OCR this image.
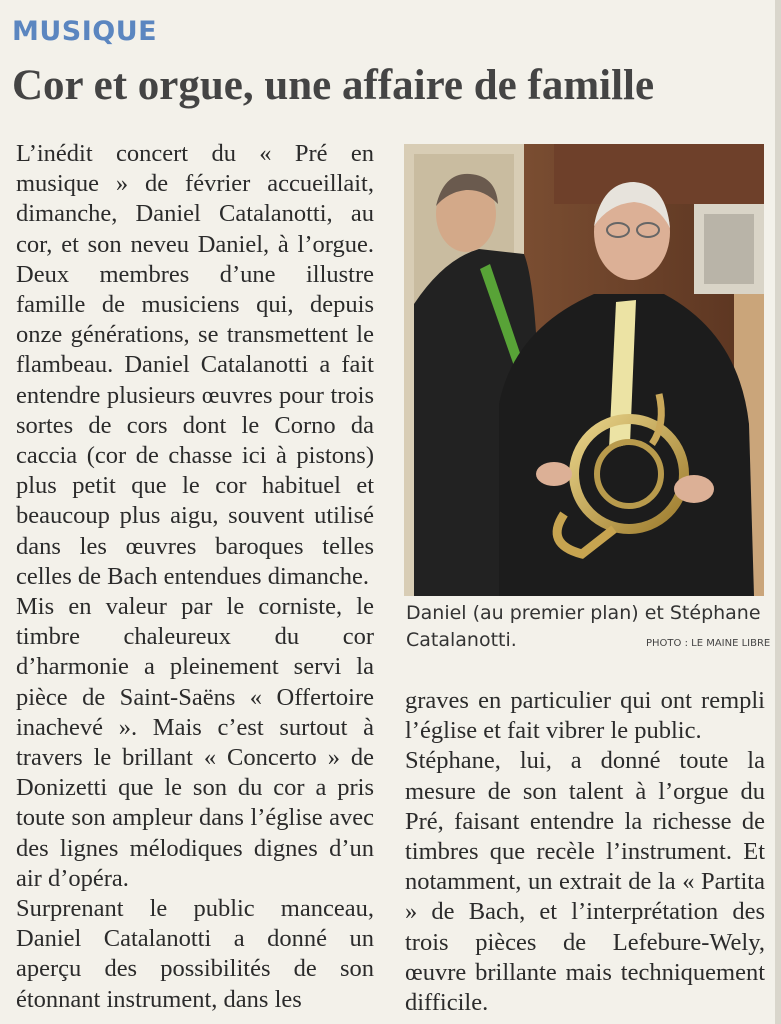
MUSIQUE
Cor et orgue, une affaire de famille

L’inédit concert du « Pré en musique » de février accueillait, dimanche, Daniel Catalanotti, au cor, et son neveu Daniel, à l’orgue. Deux membres d’une illustre famille de musiciens qui, depuis onze générations, se transmettent le flambeau. Daniel Catalanotti a fait entendre plusieurs œuvres pour trois sortes de cors dont le Corno da caccia (cor de chasse ici à pistons) plus petit que le cor habituel et beaucoup plus aigu, souvent utilisé dans les œuvres baroques telles celles de Bach entendues dimanche.

Mis en valeur par le corniste, le timbre chaleureux du cor d’harmonie a pleinement servi la pièce de Saint-Saëns « Offertoire inachevé ». Mais c’est surtout à travers le brillant « Concerto » de Donizetti que le son du cor a pris toute son ampleur dans l’église avec des lignes mélodiques dignes d’un air d’opéra.

Surprenant le public manceau, Daniel Catalanotti a donné un aperçu des possibilités de son étonnant instrument, dans les

Daniel (au premier plan) et Stéphane Catalanotti.	PHOTO : LE MAINE LIBRE

graves en particulier qui ont rempli l’église et fait vibrer le public.

Stéphane, lui, a donné toute la mesure de son talent à l’orgue du Pré, faisant entendre la richesse de timbres que recèle l’instrument. Et notamment, un extrait de la « Partita » de Bach, et l’interprétation des trois pièces de Lefebure-Wely, œuvre brillante mais techniquement difficile.
